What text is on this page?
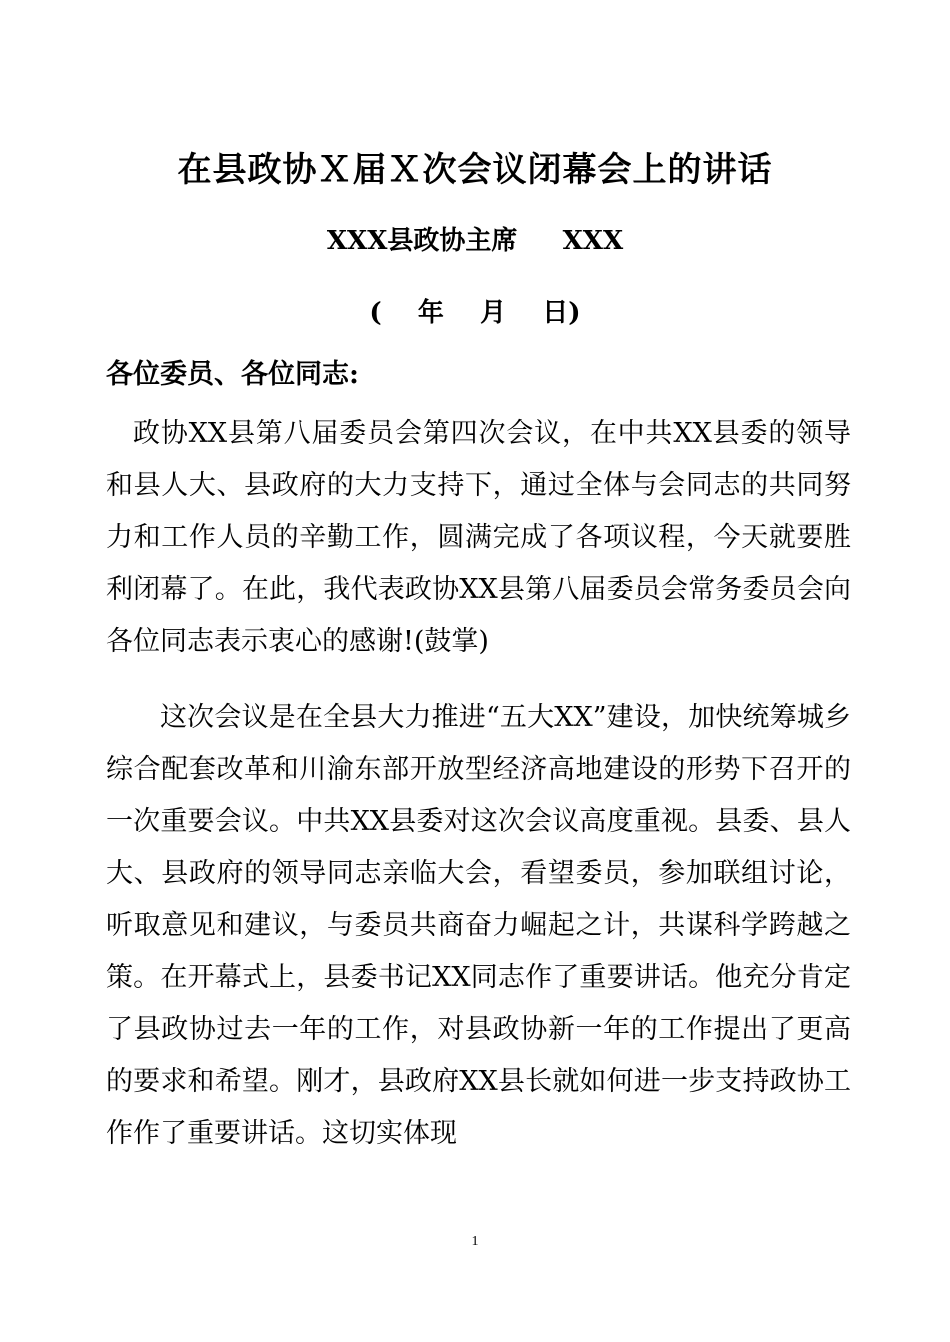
在县政协Ｘ届Ｘ次会议闭幕会上的讲话
XXX县政协主席     XXX
(    年    月    日)
各位委员、各位同志:
政协XX县第八届委员会第四次会议，在中共XX县委的领导和县人大、县政府的大力支持下，通过全体与会同志的共同努力和工作人员的辛勤工作，圆满完成了各项议程，今天就要胜利闭幕了。在此，我代表政协XX县第八届委员会常务委员会向各位同志表示衷心的感谢!(鼓掌)
这次会议是在全县大力推进“五大XX”建设，加快统筹城乡综合配套改革和川渝东部开放型经济高地建设的形势下召开的一次重要会议。中共XX县委对这次会议高度重视。县委、县人大、县政府的领导同志亲临大会，看望委员，参加联组讨论，听取意见和建议，与委员共商奋力崛起之计，共谋科学跨越之策。在开幕式上，县委书记XX同志作了重要讲话。他充分肯定了县政协过去一年的工作，对县政协新一年的工作提出了更高的要求和希望。刚才，县政府XX县长就如何进一步支持政协工作作了重要讲话。这切实体现
1
